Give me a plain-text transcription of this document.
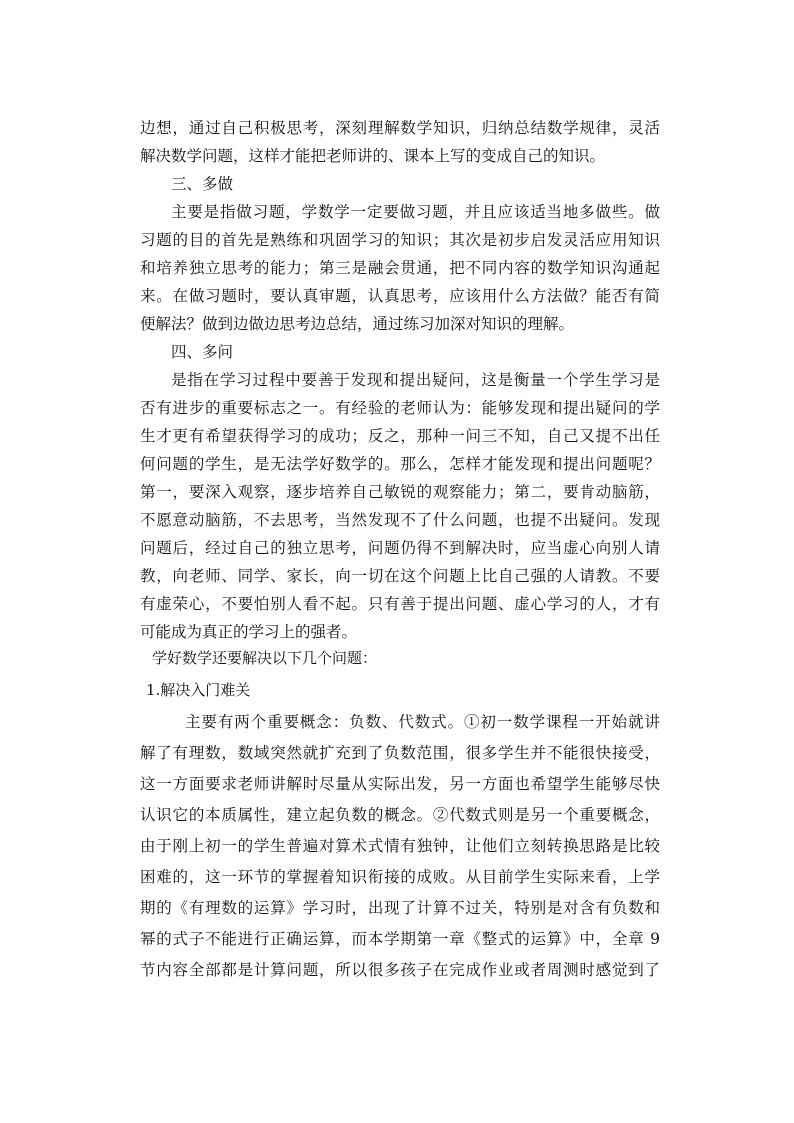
边想，通过自己积极思考，深刻理解数学知识，归纳总结数学规律，灵活
解决数学问题，这样才能把老师讲的、课本上写的变成自己的知识。
三、多做
主要是指做习题，学数学一定要做习题，并且应该适当地多做些。做
习题的目的首先是熟练和巩固学习的知识；其次是初步启发灵活应用知识
和培养独立思考的能力；第三是融会贯通，把不同内容的数学知识沟通起
来。在做习题时，要认真审题，认真思考，应该用什么方法做？能否有简
便解法？做到边做边思考边总结，通过练习加深对知识的理解。
四、多问
是指在学习过程中要善于发现和提出疑问，这是衡量一个学生学习是
否有进步的重要标志之一。有经验的老师认为：能够发现和提出疑问的学
生才更有希望获得学习的成功；反之，那种一问三不知，自己又提不出任
何问题的学生，是无法学好数学的。那么，怎样才能发现和提出问题呢？
第一，要深入观察，逐步培养自己敏锐的观察能力；第二，要肯动脑筋，
不愿意动脑筋，不去思考，当然发现不了什么问题，也提不出疑问。发现
问题后，经过自己的独立思考，问题仍得不到解决时，应当虚心向别人请
教，向老师、同学、家长，向一切在这个问题上比自己强的人请教。不要
有虚荣心，不要怕别人看不起。只有善于提出问题、虚心学习的人，才有
可能成为真正的学习上的强者。
学好数学还要解决以下几个问题：
1.解决入门难关
主要有两个重要概念：负数、代数式。①初一数学课程一开始就讲
解了有理数，数域突然就扩充到了负数范围，很多学生并不能很快接受，
这一方面要求老师讲解时尽量从实际出发，另一方面也希望学生能够尽快
认识它的本质属性，建立起负数的概念。②代数式则是另一个重要概念，
由于刚上初一的学生普遍对算术式情有独钟，让他们立刻转换思路是比较
困难的，这一环节的掌握着知识衔接的成败。从目前学生实际来看，上学
期的《有理数的运算》学习时，出现了计算不过关，特别是对含有负数和
幂的式子不能进行正确运算，而本学期第一章《整式的运算》中，全章 9
节内容全部都是计算问题，所以很多孩子在完成作业或者周测时感觉到了
